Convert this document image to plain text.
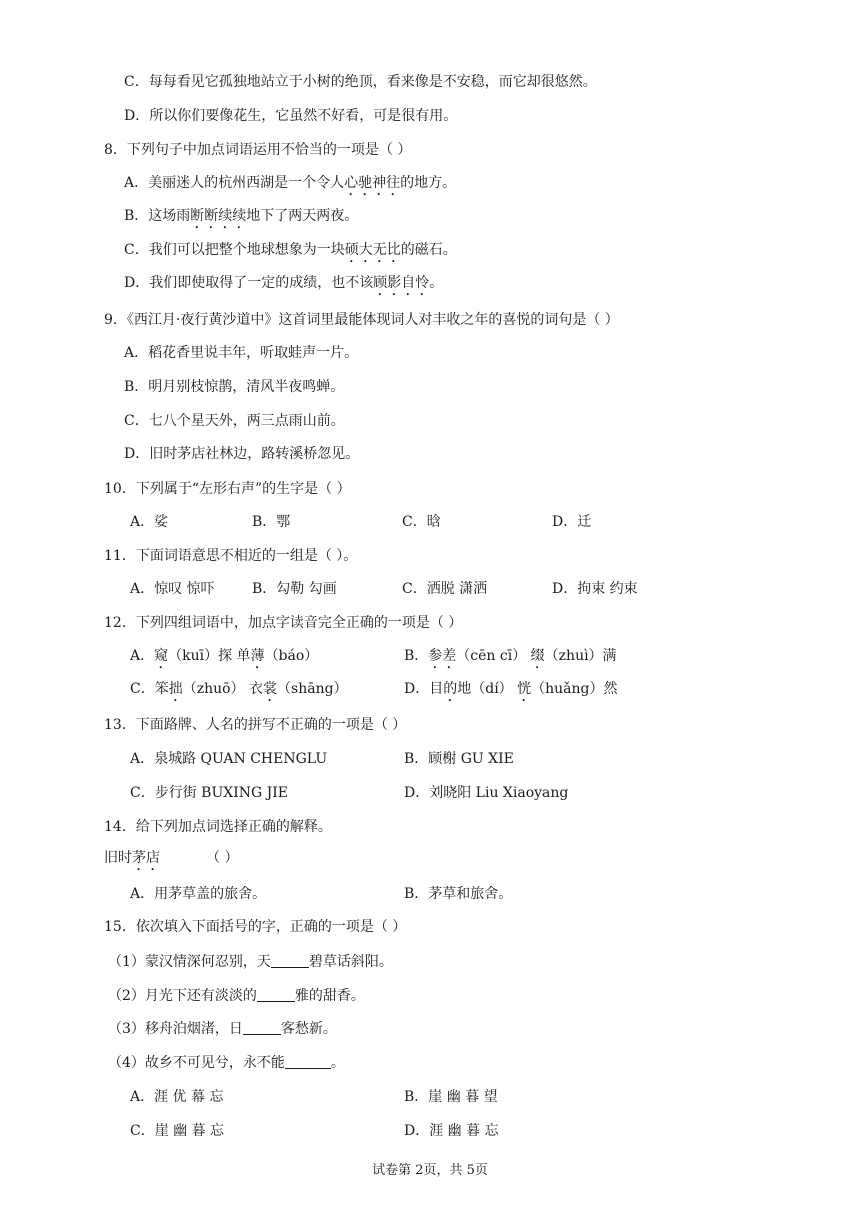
C．每每看见它孤独地站立于小树的绝顶，看来像是不安稳，而它却很悠然。
D．所以你们要像花生，它虽然不好看，可是很有用。
8．下列句子中加点词语运用不恰当的一项是（ ）
A．美丽迷人的杭州西湖是一个令人心驰神往的地方。
B．这场雨断断续续地下了两天两夜。
C．我们可以把整个地球想象为一块硕大无比的磁石。
D．我们即使取得了一定的成绩，也不该顾影自怜。
9．《西江月·夜行黄沙道中》这首词里最能体现词人对丰收之年的喜悦的词句是（ ）
A．稻花香里说丰年，听取蛙声一片。
B．明月别枝惊鹊，清风半夜鸣蝉。
C．七八个星天外，两三点雨山前。
D．旧时茅店社林边，路转溪桥忽见。
10．下列属于“左形右声”的生字是（ ）
A．娑	B．鄂	C．晗	D．迁
11．下面词语意思不相近的一组是（ ）。
A．惊叹 惊吓	B．勾勒 勾画	C．洒脱 潇洒	D．拘束 约束
12．下列四组词语中，加点字读音完全正确的一项是（ ）
A．窥（kuī）探 单薄（báo）	B．参差（cēn cī） 缀（zhuì）满
C．笨拙（zhuō） 衣裳（shāng）	D．目的地（dí） 恍（huǎng）然
13．下面路牌、人名的拼写不正确的一项是（ ）
A．泉城路 QUAN CHENGLU	B．顾榭 GU XIE
C．步行街 BUXING JIE	D．刘晓阳 Liu Xiaoyang
14．给下列加点词选择正确的解释。
旧时茅店	（ ）
A．用茅草盖的旅舍。	B．茅草和旅舍。
15．依次填入下面括号的字，正确的一项是（ ）
（1）蒙汉情深何忍别，天	碧草话斜阳。
（2）月光下还有淡淡的	雅的甜香。
（3）移舟泊烟渚，日	客愁新。
（4）故乡不可见兮，永不能	。
A．涯 优 幕 忘	B．崖 幽 暮 望
C．崖 幽 暮 忘	D．涯 幽 暮 忘
试卷第 2页，共 5页
